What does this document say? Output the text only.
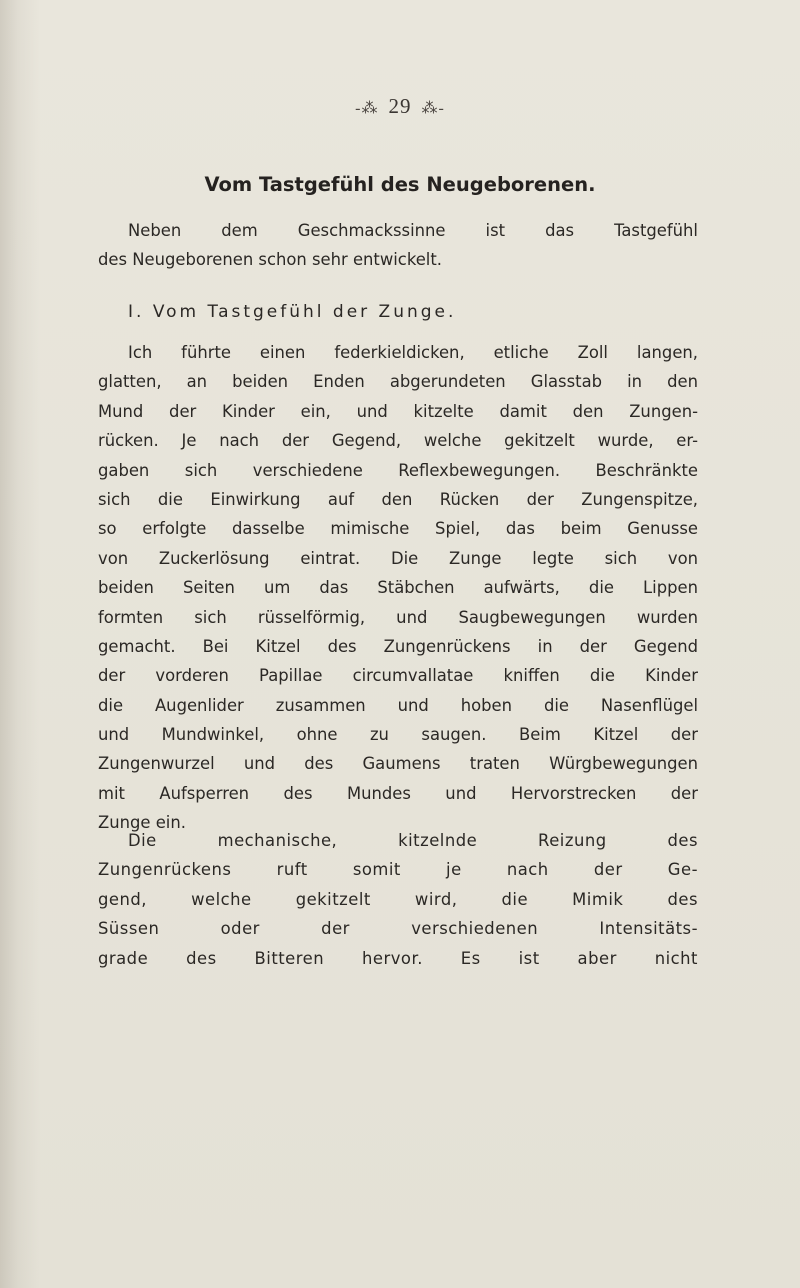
-⁂ 29 ⁂-
Vom Tastgefühl des Neugeborenen.
Neben dem Geschmackssinne ist das Tastgefühl
des Neugeborenen schon sehr entwickelt.
I. Vom Tastgefühl der Zunge.
Ich führte einen federkieldicken, etliche Zoll langen,
glatten, an beiden Enden abgerundeten Glasstab in den
Mund der Kinder ein, und kitzelte damit den Zungen-
rücken. Je nach der Gegend, welche gekitzelt wurde, er-
gaben sich verschiedene Reflexbewegungen. Beschränkte
sich die Einwirkung auf den Rücken der Zungenspitze,
so erfolgte dasselbe mimische Spiel, das beim Genusse
von Zuckerlösung eintrat. Die Zunge legte sich von
beiden Seiten um das Stäbchen aufwärts, die Lippen
formten sich rüsselförmig, und Saugbewegungen wurden
gemacht. Bei Kitzel des Zungenrückens in der Gegend
der vorderen Papillae circumvallatae kniffen die Kinder
die Augenlider zusammen und hoben die Nasenflügel
und Mundwinkel, ohne zu saugen. Beim Kitzel der
Zungenwurzel und des Gaumens traten Würgbewegungen
mit Aufsperren des Mundes und Hervorstrecken der
Zunge ein.
Die mechanische, kitzelnde Reizung des
Zungenrückens ruft somit je nach der Ge-
gend, welche gekitzelt wird, die Mimik des
Süssen oder der verschiedenen Intensitäts-
grade des Bitteren hervor. Es ist aber nicht
